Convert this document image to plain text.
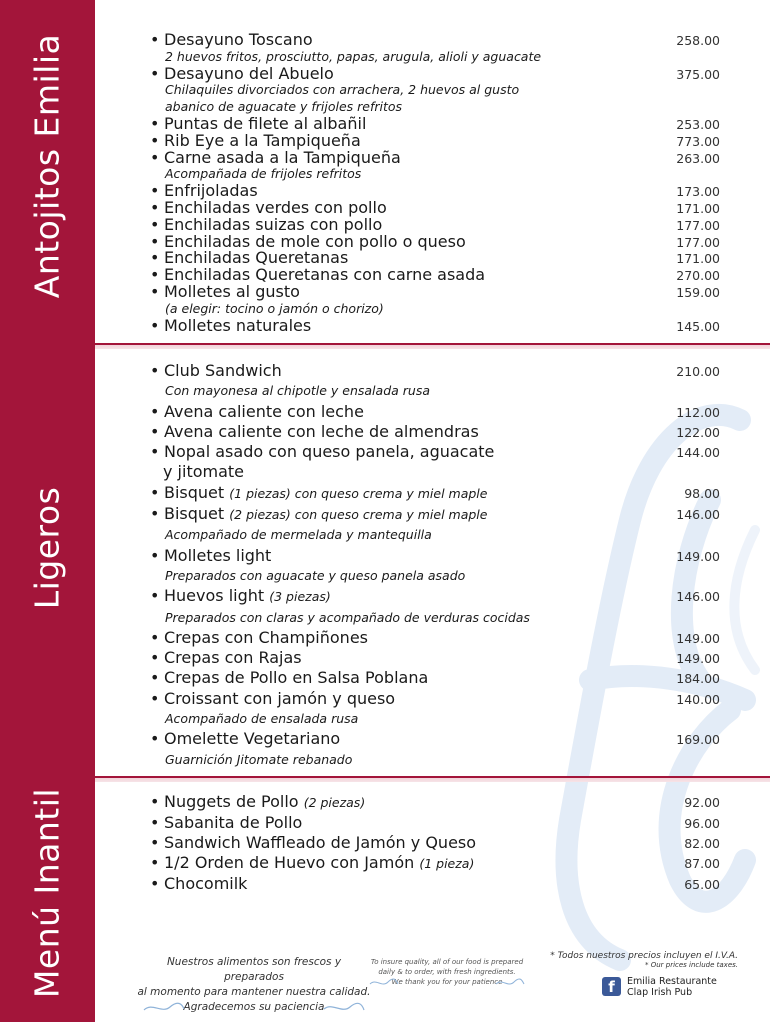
Antojitos Emilia
Ligeros
Menú Inantil
• Desayuno Toscano	258.00
2 huevos fritos, prosciutto, papas, arugula, alioli y aguacate
• Desayuno del Abuelo	375.00
Chilaquiles divorciados con arrachera, 2 huevos al gusto
abanico de aguacate y frijoles refritos
• Puntas de filete al albañil	253.00
• Rib Eye a la Tampiqueña	773.00
• Carne asada a la Tampiqueña	263.00
Acompañada de frijoles refritos
• Enfrijoladas	173.00
• Enchiladas verdes con pollo	171.00
• Enchiladas suizas con pollo	177.00
• Enchiladas de mole con pollo o queso	177.00
• Enchiladas Queretanas	171.00
• Enchiladas Queretanas con carne asada	270.00
• Molletes al gusto	159.00
(a elegir: tocino o jamón o chorizo)
• Molletes naturales	145.00
• Club Sandwich	210.00
Con mayonesa al chipotle y ensalada rusa
• Avena caliente con leche	112.00
• Avena caliente con leche de almendras	122.00
• Nopal asado con queso panela, aguacate	144.00
y jitomate
• Bisquet (1 piezas) con queso crema y miel maple	98.00
• Bisquet (2 piezas) con queso crema y miel maple	146.00
Acompañado de mermelada y mantequilla
• Molletes light	149.00
Preparados con aguacate y queso panela asado
• Huevos light (3 piezas)	146.00
Preparados con claras y acompañado de verduras cocidas
• Crepas con Champiñones	149.00
• Crepas con Rajas	149.00
• Crepas de Pollo en Salsa Poblana	184.00
• Croissant con jamón y queso	140.00
Acompañado de ensalada rusa
• Omelette Vegetariano	169.00
Guarnición Jitomate rebanado
• Nuggets de Pollo (2 piezas)	92.00
• Sabanita de Pollo	96.00
• Sandwich Waffleado de Jamón y Queso	82.00
• 1/2 Orden de Huevo con Jamón (1 pieza)	87.00
• Chocomilk	65.00
Nuestros alimentos son frescos y preparados
al momento para mantener nuestra calidad.
Agradecemos su paciencia
To insure quality, all of our food is prepared
daily & to order, with fresh ingredients.
We thank you for your patience
* Todos nuestros precios incluyen el I.V.A.
* Our prices include taxes.
f	Emilia Restaurante
Clap Irish Pub
